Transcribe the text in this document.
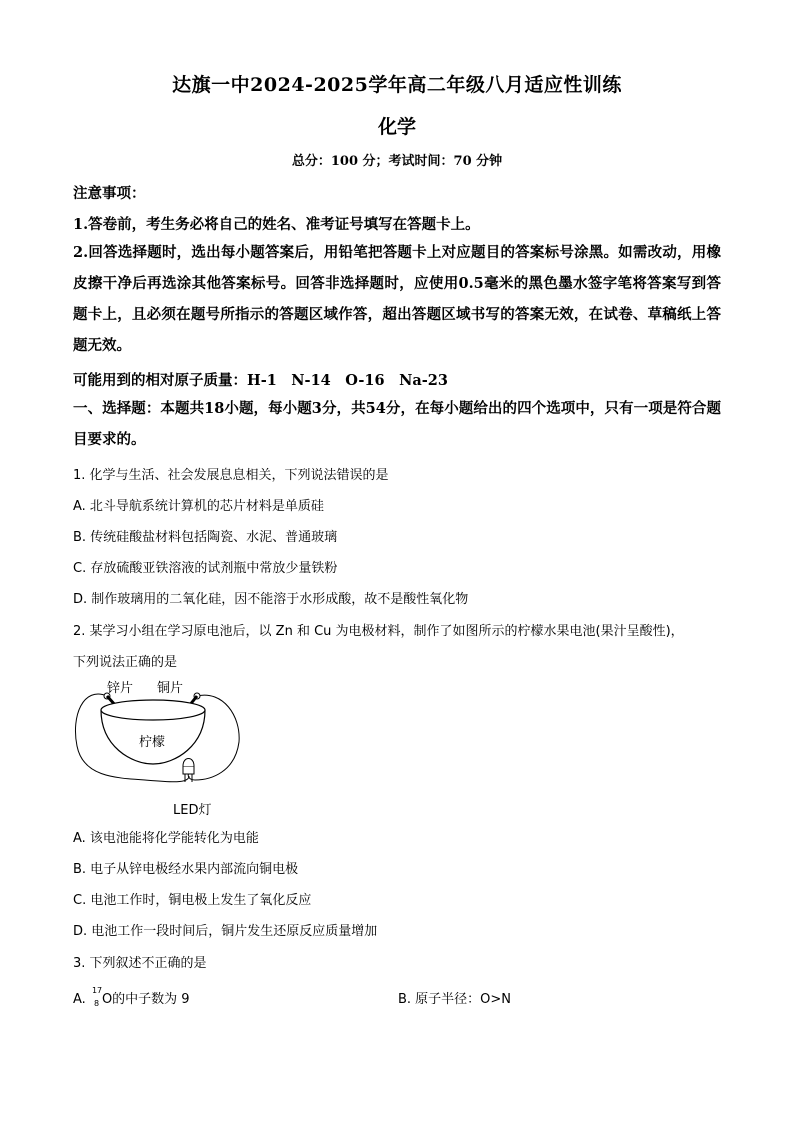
达旗一中2024-2025学年高二年级八月适应性训练
化学
总分：100 分；考试时间：70 分钟
注意事项：
1.答卷前，考生务必将自己的姓名、准考证号填写在答题卡上。
2.回答选择题时，选出每小题答案后，用铅笔把答题卡上对应题目的答案标号涂黑。如需改动，用橡皮擦干净后再选涂其他答案标号。回答非选择题时，应使用0.5毫米的黑色墨水签字笔将答案写到答题卡上，且必须在题号所指示的答题区域作答，超出答题区域书写的答案无效，在试卷、草稿纸上答题无效。
可能用到的相对原子质量：H-1　N-14　O-16　Na-23
一、选择题：本题共18小题，每小题3分，共54分，在每小题给出的四个选项中，只有一项是符合题目要求的。
1. 化学与生活、社会发展息息相关，下列说法错误的是
A. 北斗导航系统计算机的芯片材料是单质硅
B. 传统硅酸盐材料包括陶瓷、水泥、普通玻璃
C. 存放硫酸亚铁溶液的试剂瓶中常放少量铁粉
D. 制作玻璃用的二氧化硅，因不能溶于水形成酸，故不是酸性氧化物
2. 某学习小组在学习原电池后，以 Zn 和 Cu 为电极材料，制作了如图所示的柠檬水果电池(果汁呈酸性)，
下列说法正确的是
锌片 铜片
柠檬
LED灯
A. 该电池能将化学能转化为电能
B. 电子从锌电极经水果内部流向铜电极
C. 电池工作时，铜电极上发生了氧化反应
D. 电池工作一段时间后，铜片发生还原反应质量增加
3. 下列叙述不正确的是
A.
17
8 O的中子数为 9	B. 原子半径：O>N
